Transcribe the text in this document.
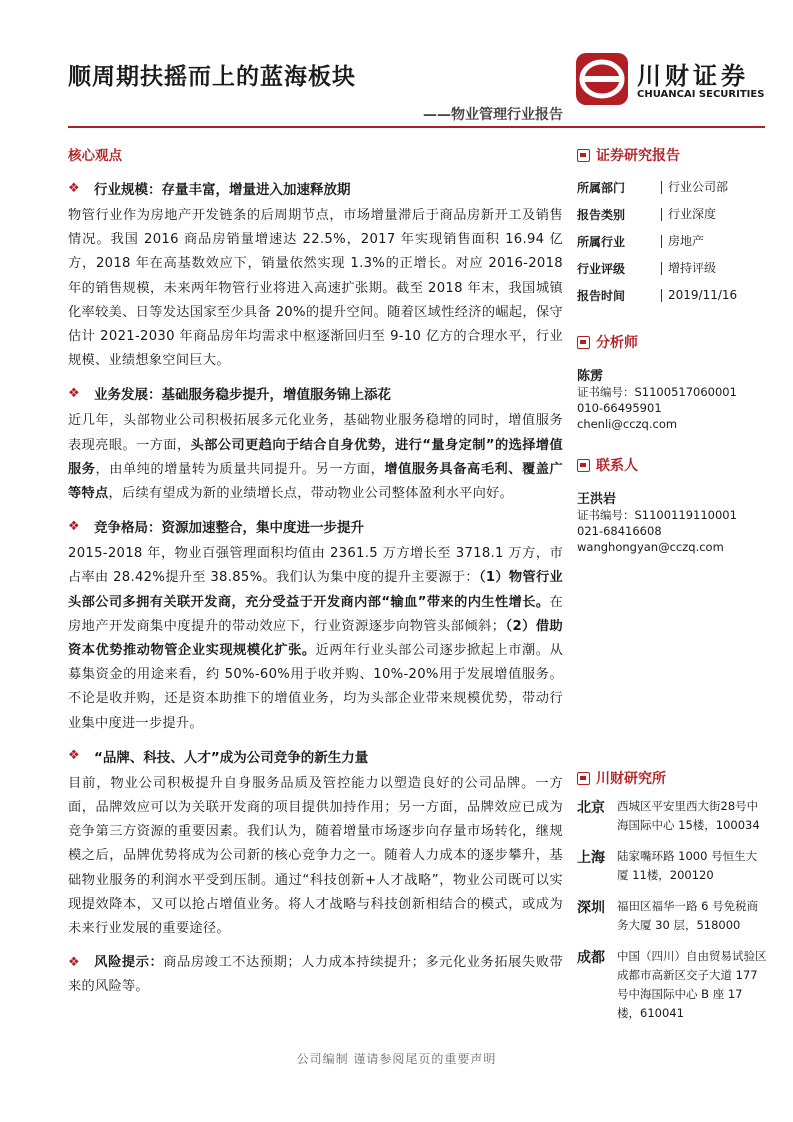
顺周期扶摇而上的蓝海板块	川财证券
CHUANCAI SECURITIES
——物业管理行业报告
核心观点
❖	行业规模：存量丰富，增量进入加速释放期

物管行业作为房地产开发链条的后周期节点，市场增量滞后于商品房新开工及销售情况。我国 2016 商品房销量增速达 22.5%，2017 年实现销售面积 16.94 亿方，2018 年在高基数效应下，销量依然实现 1.3%的正增长。对应 2016-2018 年的销售规模，未来两年物管行业将进入高速扩张期。截至 2018 年末，我国城镇化率较美、日等发达国家至少具备 20%的提升空间。随着区域性经济的崛起，保守估计 2021-2030 年商品房年均需求中枢逐渐回归至 9-10 亿方的合理水平，行业规模、业绩想象空间巨大。

❖	业务发展：基础服务稳步提升，增值服务锦上添花

近几年，头部物业公司积极拓展多元化业务，基础物业服务稳增的同时，增值服务表现亮眼。一方面，头部公司更趋向于结合自身优势，进行“量身定制”的选择增值服务，由单纯的增量转为质量共同提升。另一方面，增值服务具备高毛利、覆盖广等特点，后续有望成为新的业绩增长点，带动物业公司整体盈利水平向好。

❖	竞争格局：资源加速整合，集中度进一步提升

2015-2018 年，物业百强管理面积均值由 2361.5 万方增长至 3718.1 万方，市占率由 28.42%提升至 38.85%。我们认为集中度的提升主要源于：（1）物管行业头部公司多拥有关联开发商，充分受益于开发商内部“输血”带来的内生性增长。在房地产开发商集中度提升的带动效应下，行业资源逐步向物管头部倾斜；（2）借助资本优势推动物管企业实现规模化扩张。近两年行业头部公司逐步掀起上市潮。从募集资金的用途来看，约 50%-60%用于收并购、10%-20%用于发展增值服务。不论是收并购，还是资本助推下的增值业务，均为头部企业带来规模优势，带动行业集中度进一步提升。

❖	“品牌、科技、人才”成为公司竞争的新生力量

目前，物业公司积极提升自身服务品质及管控能力以塑造良好的公司品牌。一方面，品牌效应可以为关联开发商的项目提供加持作用；另一方面，品牌效应已成为竞争第三方资源的重要因素。我们认为，随着增量市场逐步向存量市场转化，继规模之后，品牌优势将成为公司新的核心竞争力之一。随着人力成本的逐步攀升，基础物业服务的利润水平受到压制。通过“科技创新+人才战略”，物业公司既可以实现提效降本，又可以抢占增值业务。将人才战略与科技创新相结合的模式，或成为未来行业发展的重要途径。

❖ 风险提示：商品房竣工不达预期；人力成本持续提升；多元化业务拓展失败带来的风险等。

证券研究报告
所属部门	行业公司部
报告类别	行业深度
所属行业	房地产
行业评级	增持评级
报告时间	2019/11/16
分析师
陈雳
证书编号：S1100517060001
010-66495901
chenli@cczq.com
联系人
王洪岩
证书编号：S1100119110001
021-68416608
wanghongyan@cczq.com
川财研究所
北京	西城区平安里西大街28号中海国际中心 15楼，100034
上海	陆家嘴环路 1000 号恒生大厦 11楼，200120
深圳	福田区福华一路 6 号免税商务大厦 30 层，518000
成都	中国（四川）自由贸易试验区成都市高新区交子大道 177 号中海国际中心 B 座 17 楼，610041
公司编制 谨请参阅尾页的重要声明
